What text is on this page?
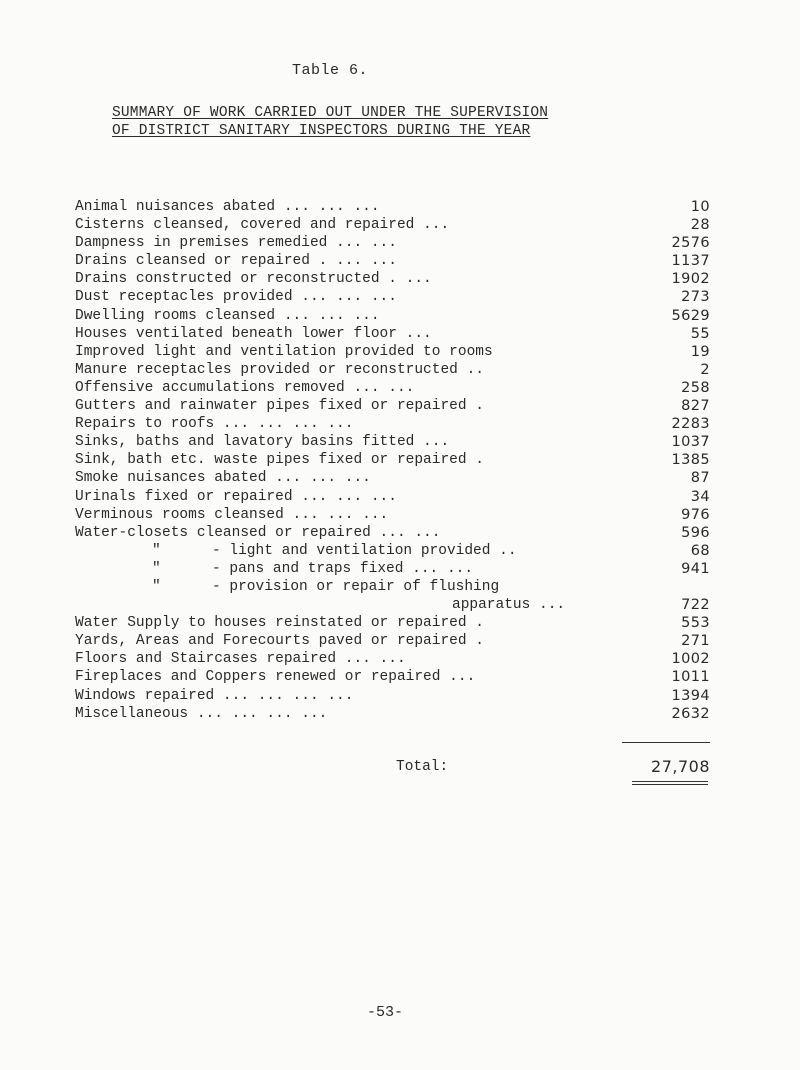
Table 6.
SUMMARY OF WORK CARRIED OUT UNDER THE SUPERVISION
OF DISTRICT SANITARY INSPECTORS DURING THE YEAR
Animal nuisances abated ... ... ...	10
Cisterns cleansed, covered and repaired ...	28
Dampness in premises remedied ... ...	2576
Drains cleansed or repaired . ... ...	1137
Drains constructed or reconstructed . ...	1902
Dust receptacles provided ... ... ...	273
Dwelling rooms cleansed ... ... ...	5629
Houses ventilated beneath lower floor ...	55
Improved light and ventilation provided to rooms	19
Manure receptacles provided or reconstructed ..	2
Offensive accumulations removed ... ...	258
Gutters and rainwater pipes fixed or repaired .	827
Repairs to roofs ... ... ... ...	2283
Sinks, baths and lavatory basins fitted ...	1037
Sink, bath etc. waste pipes fixed or repaired .	1385
Smoke nuisances abated ... ... ...	87
Urinals fixed or repaired ... ... ...	34
Verminous rooms cleansed ... ... ...	976
Water-closets cleansed or repaired ... ...	596
"	- light and ventilation provided ..	68
"	- pans and traps fixed ... ...	941
"	- provision or repair of flushing
apparatus ...	722
Water Supply to houses reinstated or repaired .	553
Yards, Areas and Forecourts paved or repaired .	271
Floors and Staircases repaired ... ...	1002
Fireplaces and Coppers renewed or repaired ...	1011
Windows repaired ... ... ... ...	1394
Miscellaneous ... ... ... ...	2632
Total:	27,708
-53-
